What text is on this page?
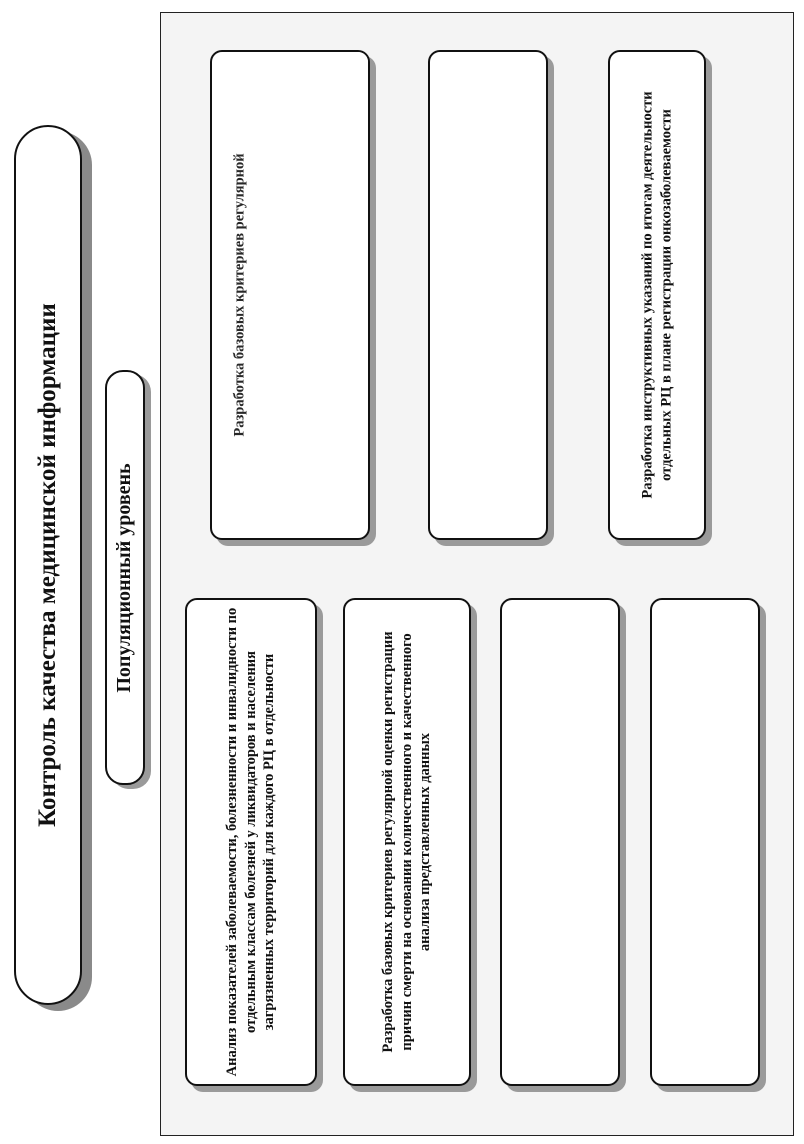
Контроль качества медицинской информации	Популяционный уровень
Разработка базовых критериев регулярной	Разработка инструктивных указаний по итогам деятельности отдельных РЦ в плане регистрации онкозаболеваемости
Анализ показателей заболеваемости, болезненности и инвалидности по отдельным классам болезней у ликвидаторов и населения загрязненных территорий для каждого РЦ в отдельности	Разработка базовых критериев регулярной оценки регистрации причин смерти на основании количественного и качественного анализа представленных данных
